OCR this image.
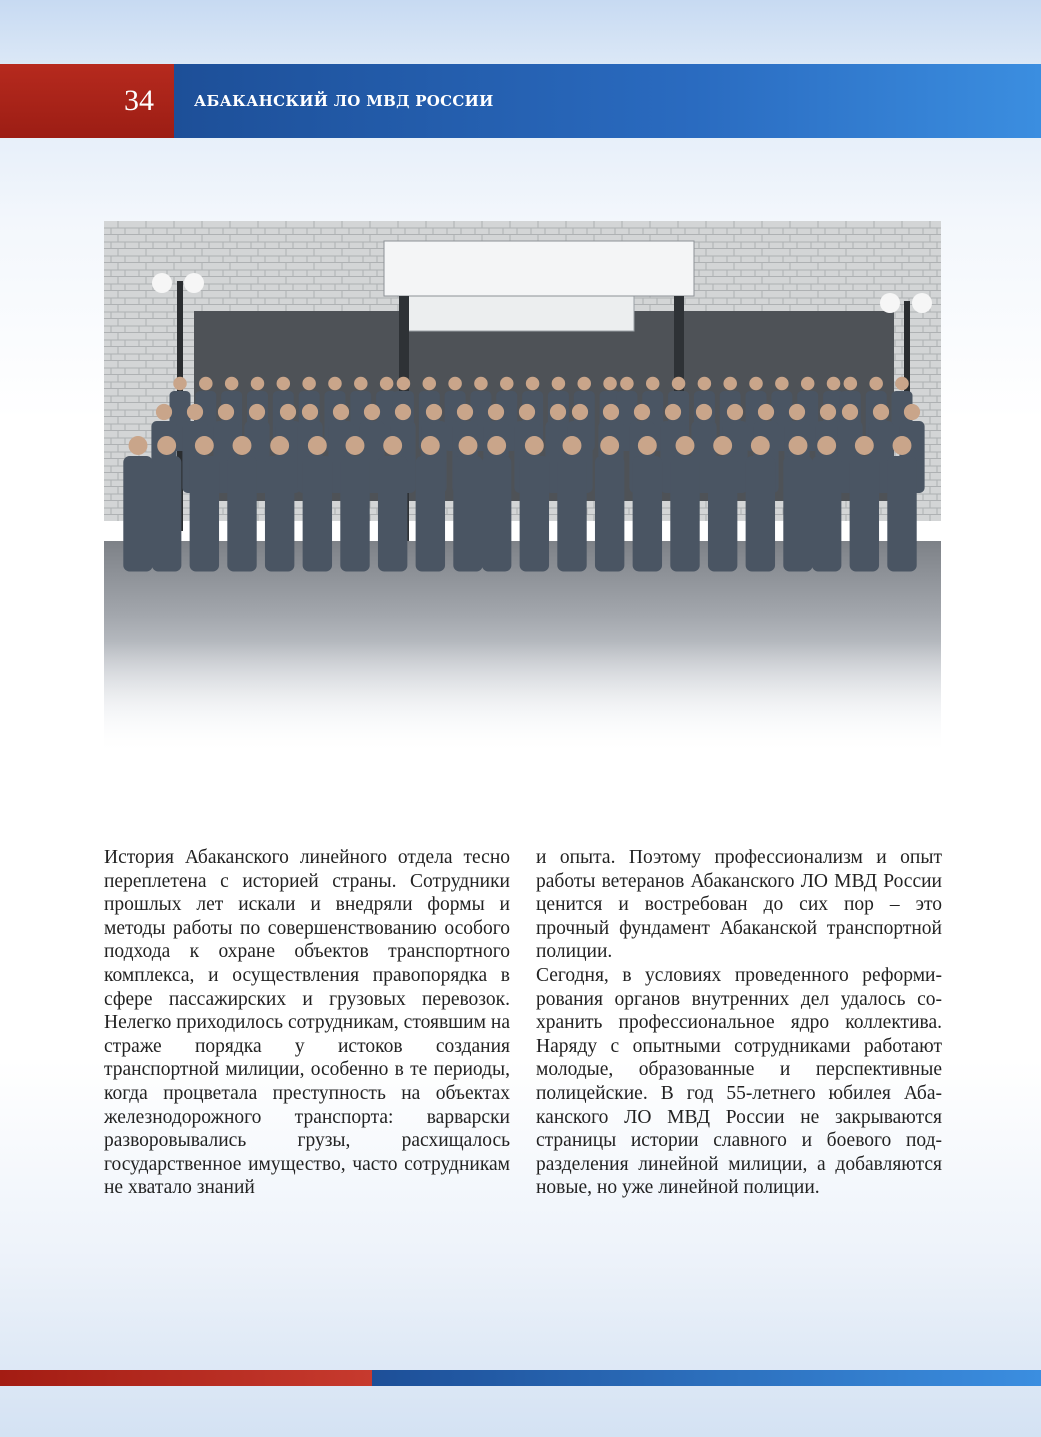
34	АБАКАНСКИЙ ЛО МВД РОССИИ

История Абаканского линейного отдела тесно переплетена с историей страны. Сотрудники прошлых лет искали и внедряли формы и методы работы по совершенствованию особого подхода к охране объектов транспортного комплекса, и осуществления правопорядка в сфере пассажирских и грузовых перевозок. Нелегко приходилось сотрудникам, стоявшим на страже порядка у истоков создания транспортной милиции, особенно в те периоды, когда процветала преступность на объектах железнодорожного транспорта: варварски разворовывались грузы, расхищалось государственное имущество, часто сотрудникам не хватало знаний

и опыта. Поэтому профессионализм и опыт работы ветеранов Абаканского ЛО МВД России ценится и востребован до сих пор – это прочный фундамент Абаканской транспортной полиции.

Сегодня, в условиях проведенного реформирования органов внутренних дел удалось сохранить профессиональное ядро коллектива. Наряду с опытными сотрудниками работают молодые, образованные и перспективные полицейские. В год 55-летнего юбилея Абаканского ЛО МВД России не закрываются страницы истории славного и боевого подразделения линейной милиции, а добавляются новые, но уже линейной полиции.
